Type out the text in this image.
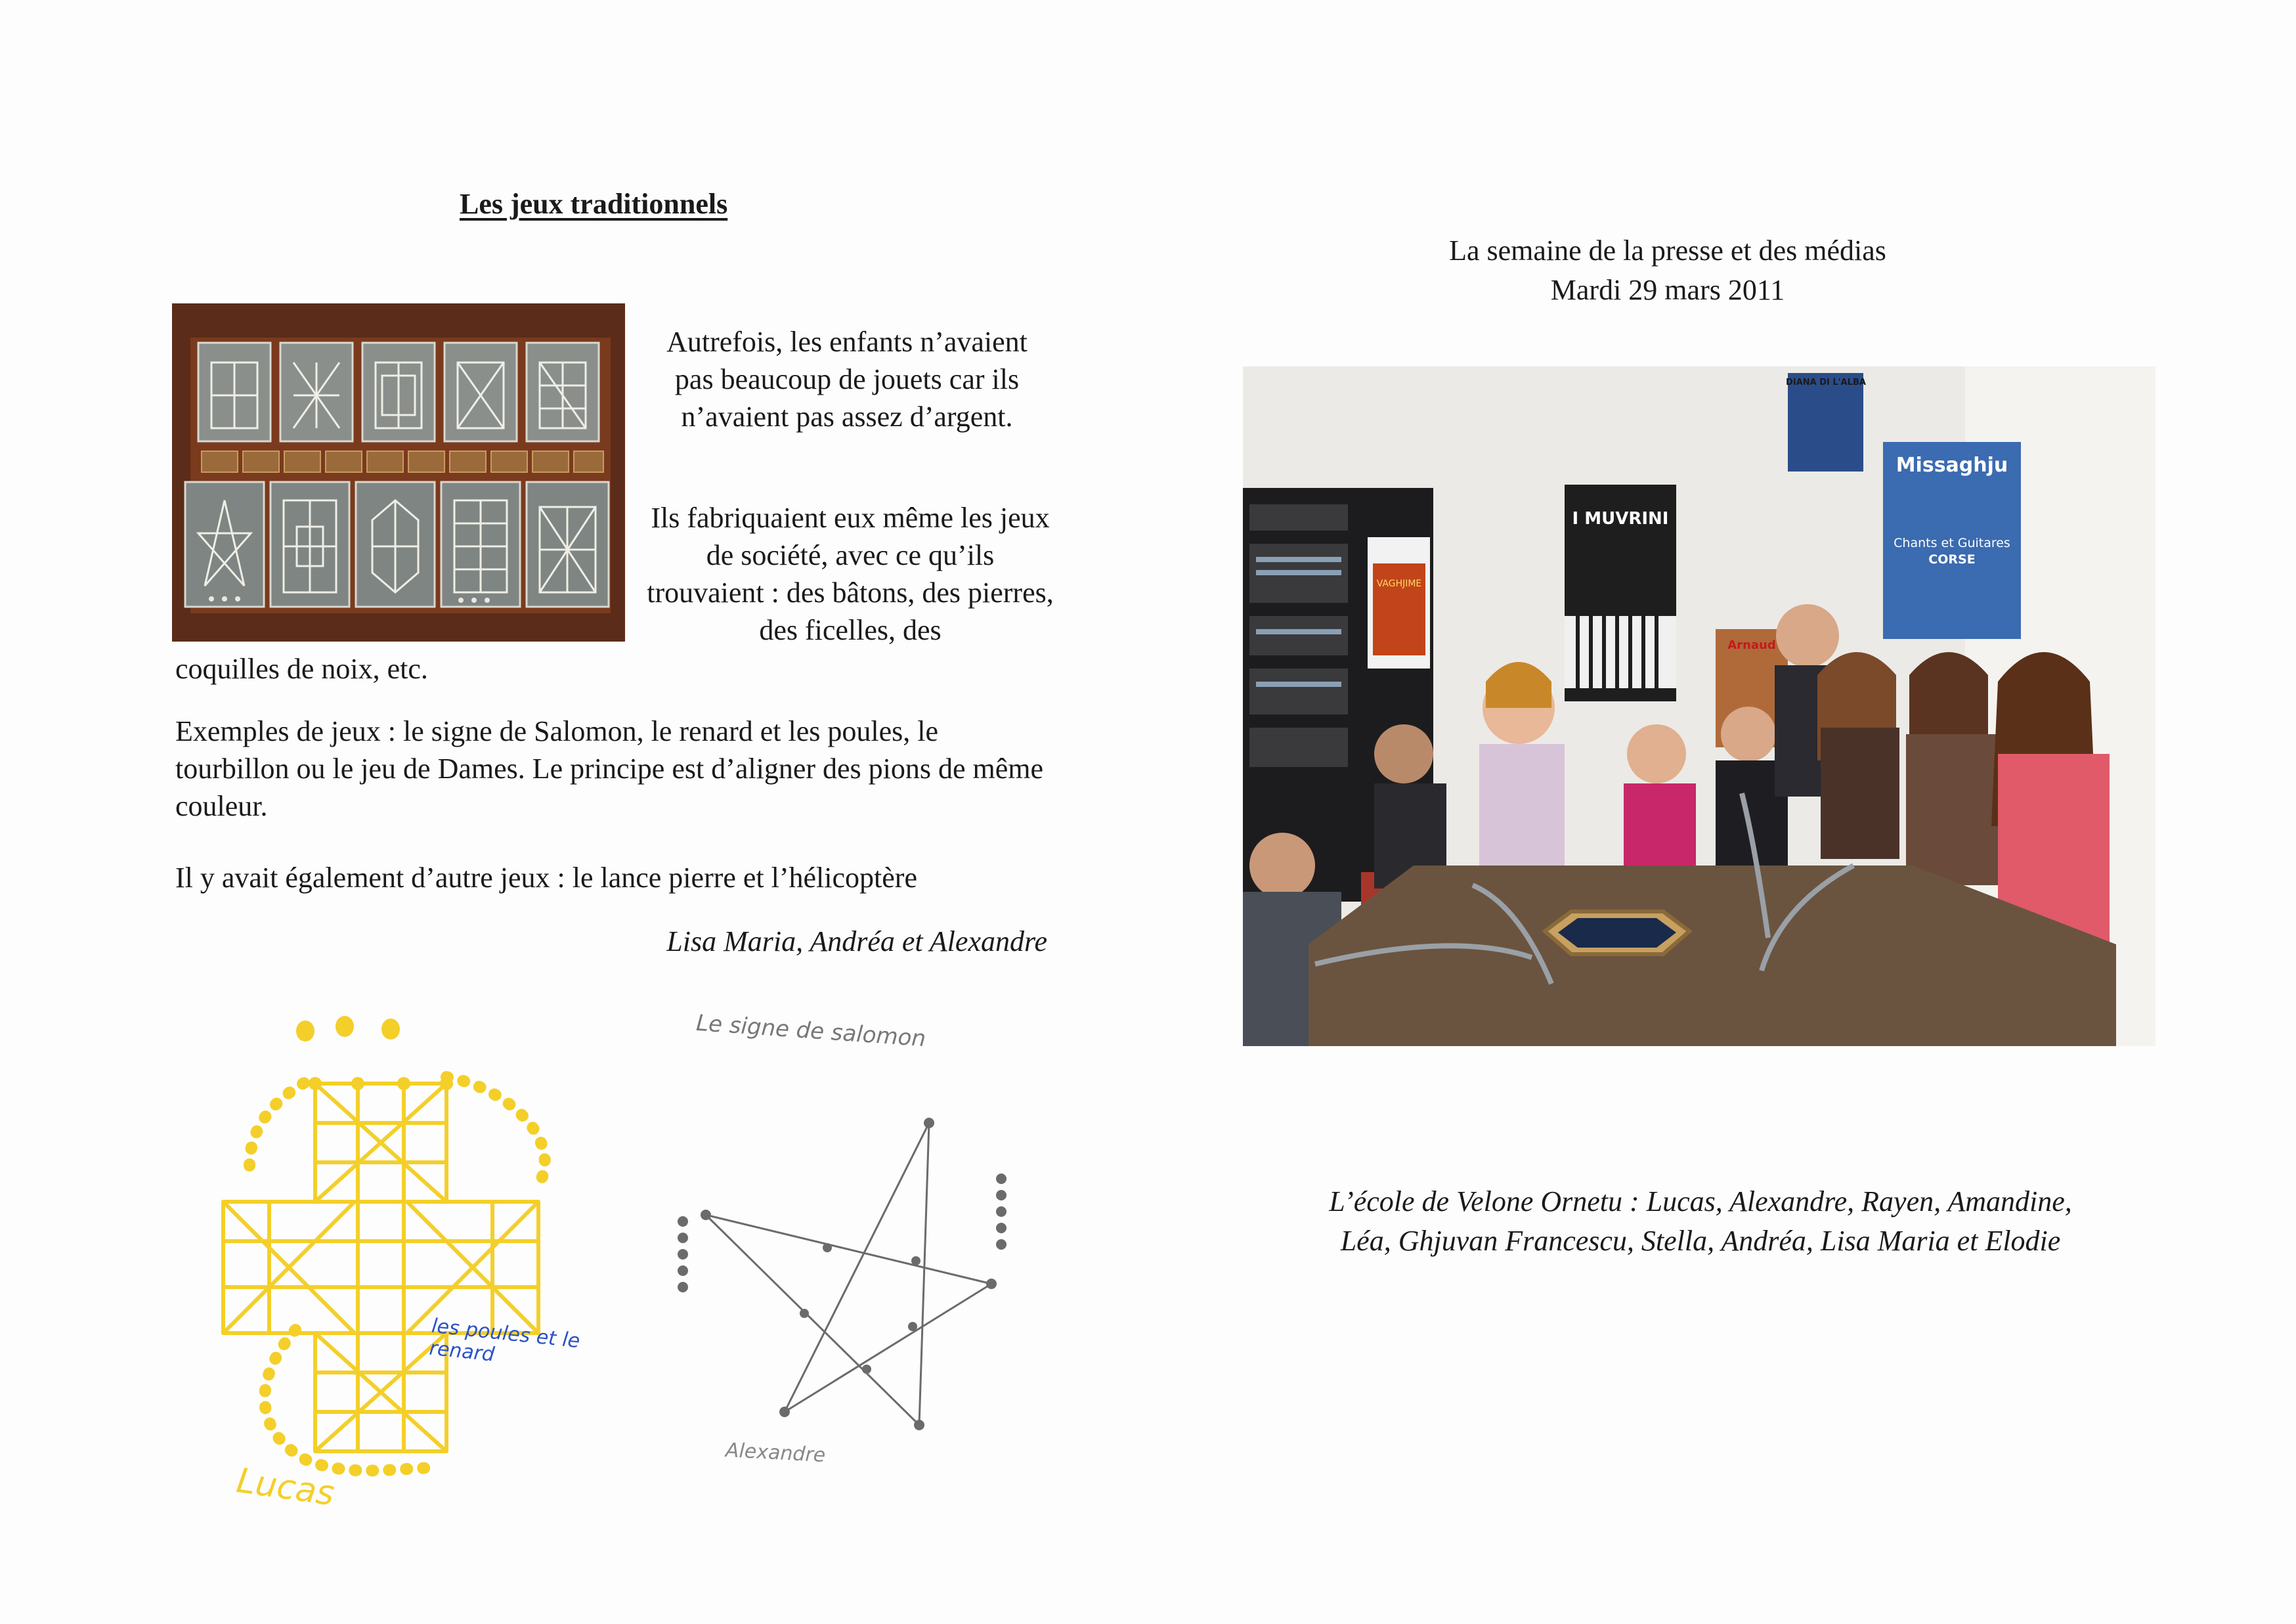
Les jeux traditionnels
Autrefois, les enfants n’avaient pas beaucoup de jouets car ils n’avaient pas assez d’argent.
Ils fabriquaient eux même les jeux de société, avec ce qu’ils trouvaient : des bâtons, des pierres, des ficelles, des
coquilles de noix, etc.
Exemples de jeux : le signe de Salomon, le renard et les poules, le tourbillon ou le jeu de Dames. Le principe est d’aligner des pions de même couleur.
Il y avait également d’autre jeux : le lance pierre et l’hélicoptère
Lisa Maria, Andréa et Alexandre
les poules et le renard
Lucas
Le signe de salomon
Alexandre
La semaine de la presse et des médias
Mardi 29 mars 2011
VAGHJIME
I MUVRINI
DIANA DI L'ALBA
Missaghju
Chants et Guitares
CORSE
Arnaud
L’école de Velone Ornetu : Lucas, Alexandre, Rayen, Amandine,
Léa, Ghjuvan Francescu, Stella, Andréa, Lisa Maria et Elodie
